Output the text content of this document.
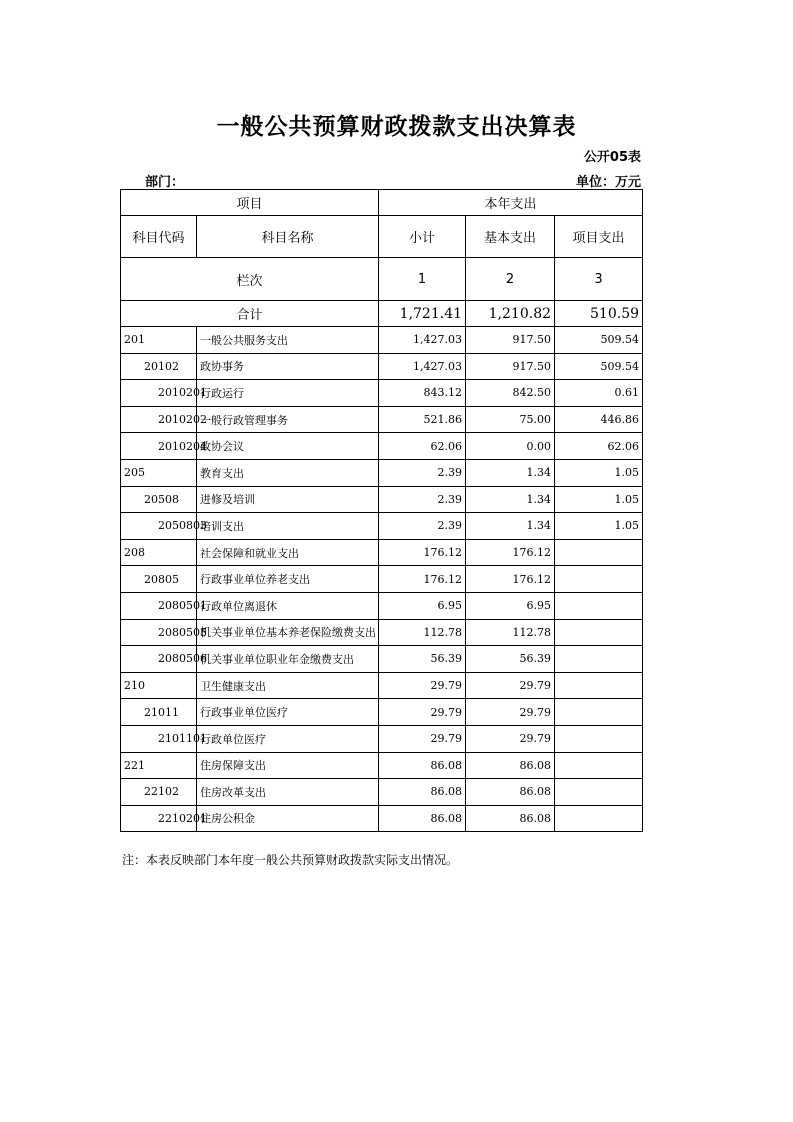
一般公共预算财政拨款支出决算表
公开05表
部门：	单位：万元
项目		本年支出		
科目代码	科目名称	小计	基本支出	项目支出
栏次		1	2	3
合计		1,721.41	1,210.82	510.59
201	一般公共服务支出	1,427.03	917.50	509.54
20102	政协事务	1,427.03	917.50	509.54
2010201	行政运行	843.12	842.50	0.61
2010202	一般行政管理事务	521.86	75.00	446.86
2010204	政协会议	62.06	0.00	62.06
205	教育支出	2.39	1.34	1.05
20508	进修及培训	2.39	1.34	1.05
2050803	培训支出	2.39	1.34	1.05
208	社会保障和就业支出	176.12	176.12	
20805	行政事业单位养老支出	176.12	176.12	
2080501	行政单位离退休	6.95	6.95	
2080505	机关事业单位基本养老保险缴费支出	112.78	112.78	
2080506	机关事业单位职业年金缴费支出	56.39	56.39	
210	卫生健康支出	29.79	29.79	
21011	行政事业单位医疗	29.79	29.79	
2101101	行政单位医疗	29.79	29.79	
221	住房保障支出	86.08	86.08	
22102	住房改革支出	86.08	86.08	
2210201	住房公积金	86.08	86.08	
注：本表反映部门本年度一般公共预算财政拨款实际支出情况。
